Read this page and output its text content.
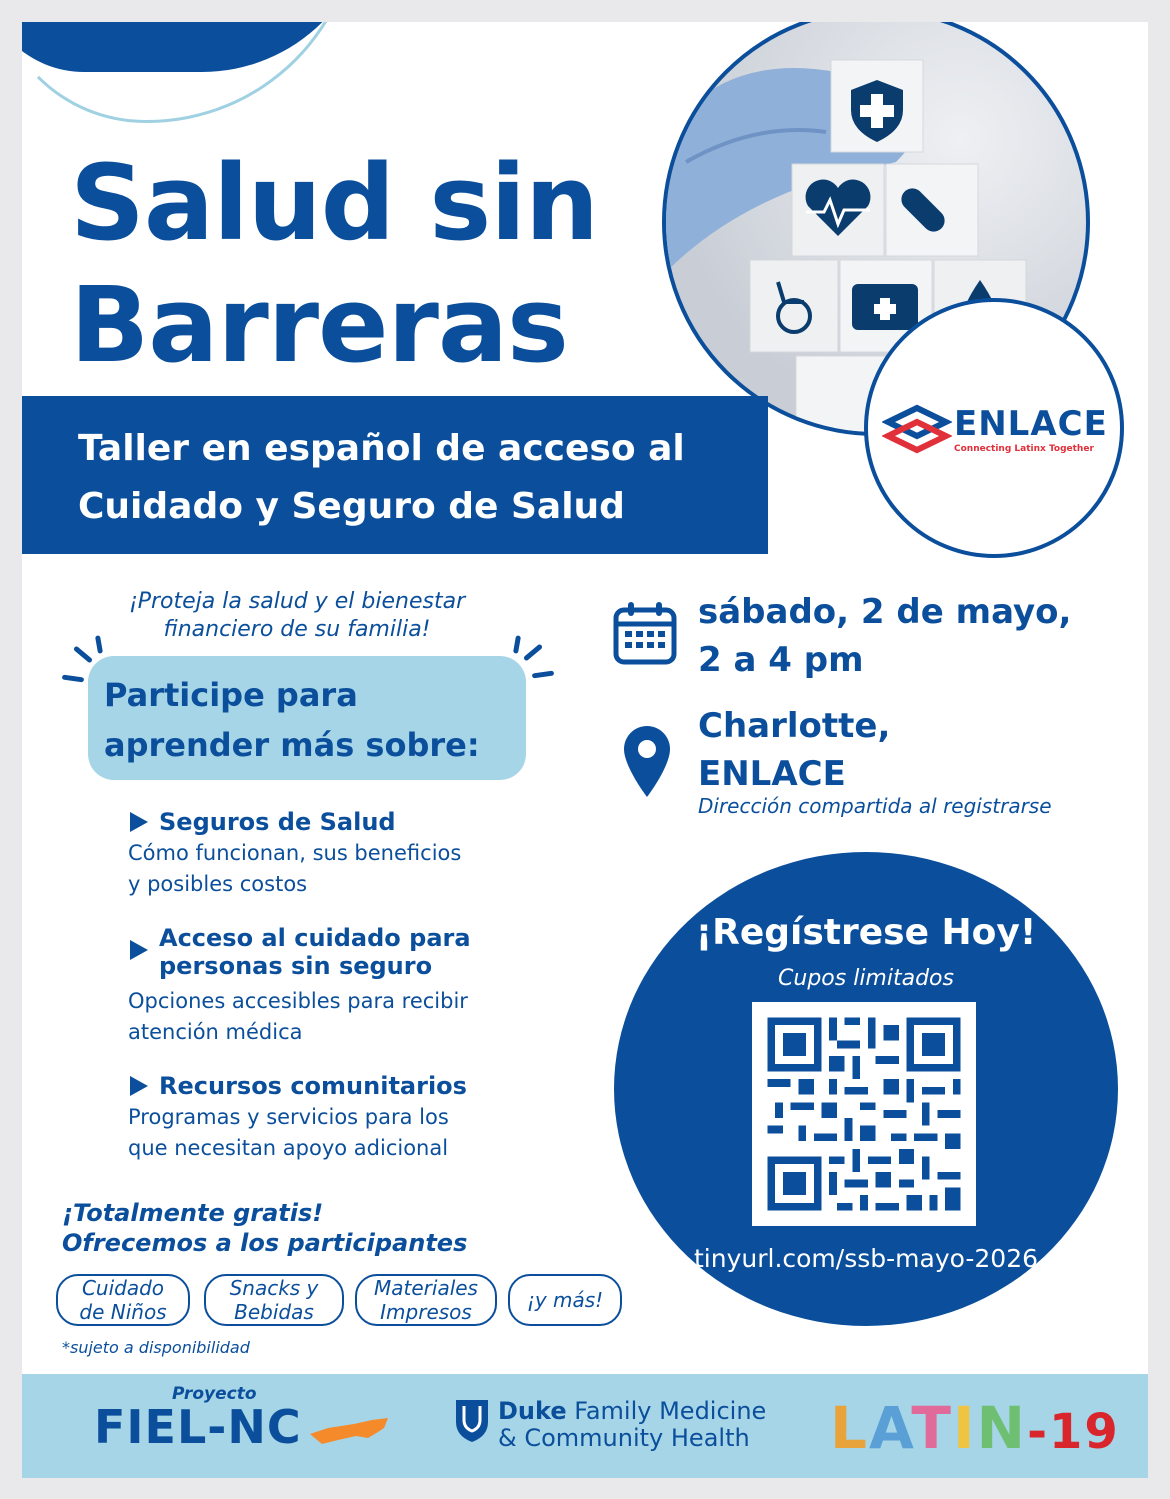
Salud sin
Barreras
ENLACE
Connecting Latinx Together
Taller en español de acceso al
Cuidado y Seguro de Salud
¡Proteja la salud y el bienestar
financiero de su familia!
Participe para
aprender más sobre:
Seguros de Salud
Cómo funcionan, sus beneficios
y posibles costos
Acceso al cuidado para
personas sin seguro
Opciones accesibles para recibir
atención médica
Recursos comunitarios
Programas y servicios para los
que necesitan apoyo adicional
sábado, 2 de mayo,
2 a 4 pm
Charlotte,
ENLACE
Dirección compartida al registrarse
¡Regístrese Hoy!
Cupos limitados
tinyurl.com/ssb-mayo-2026
¡Totalmente gratis!
Ofrecemos a los participantes
Cuidado
de Niños
Snacks y
Bebidas
Materiales
Impresos	¡y más!
*sujeto a disponibilidad
Proyecto
FIEL-NC	Duke Family Medicine
& Community Health LATIN-19
